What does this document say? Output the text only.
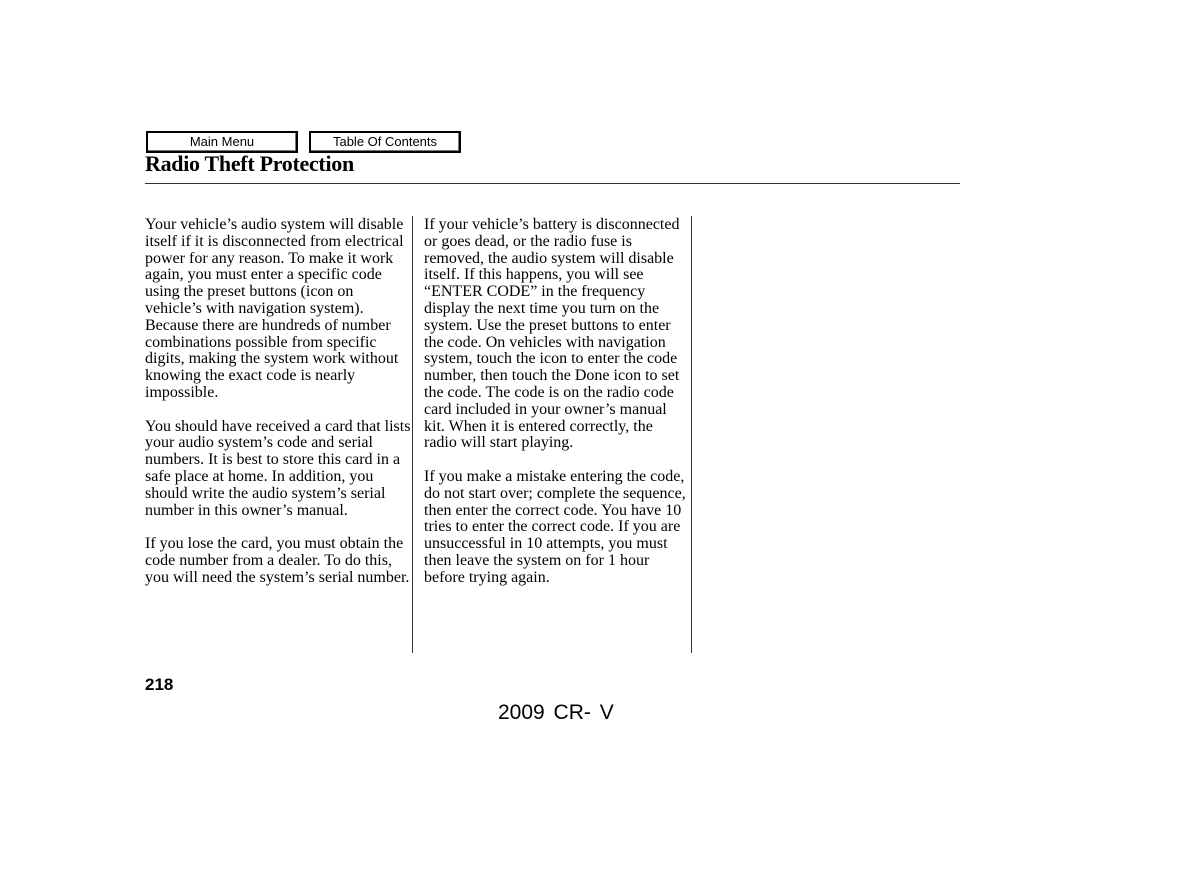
Main Menu	Table Of Contents
Radio Theft Protection

Your vehicle’s audio system will disable itself if it is disconnected from electrical power for any reason. To make it work again, you must enter a specific code using the preset buttons (icon on vehicle’s with navigation system). Because there are hundreds of number combinations possible from specific digits, making the system work without knowing the exact code is nearly impossible.

You should have received a card that lists your audio system’s code and serial numbers. It is best to store this card in a safe place at home. In addition, you should write the audio system’s serial number in this owner’s manual.

If you lose the card, you must obtain the code number from a dealer. To do this, you will need the system’s serial number.

If your vehicle’s battery is disconnected or goes dead, or the radio fuse is removed, the audio system will disable itself. If this happens, you will see “ENTER CODE” in the frequency display the next time you turn on the system. Use the preset buttons to enter the code. On vehicles with navigation system, touch the icon to enter the code number, then touch the Done icon to set the code. The code is on the radio code card included in your owner’s manual kit. When it is entered correctly, the radio will start playing.

If you make a mistake entering the code, do not start over; complete the sequence, then enter the correct code. You have 10 tries to enter the correct code. If you are unsuccessful in 10 attempts, you must then leave the system on for 1 hour before trying again.

218
2009 CR- V
